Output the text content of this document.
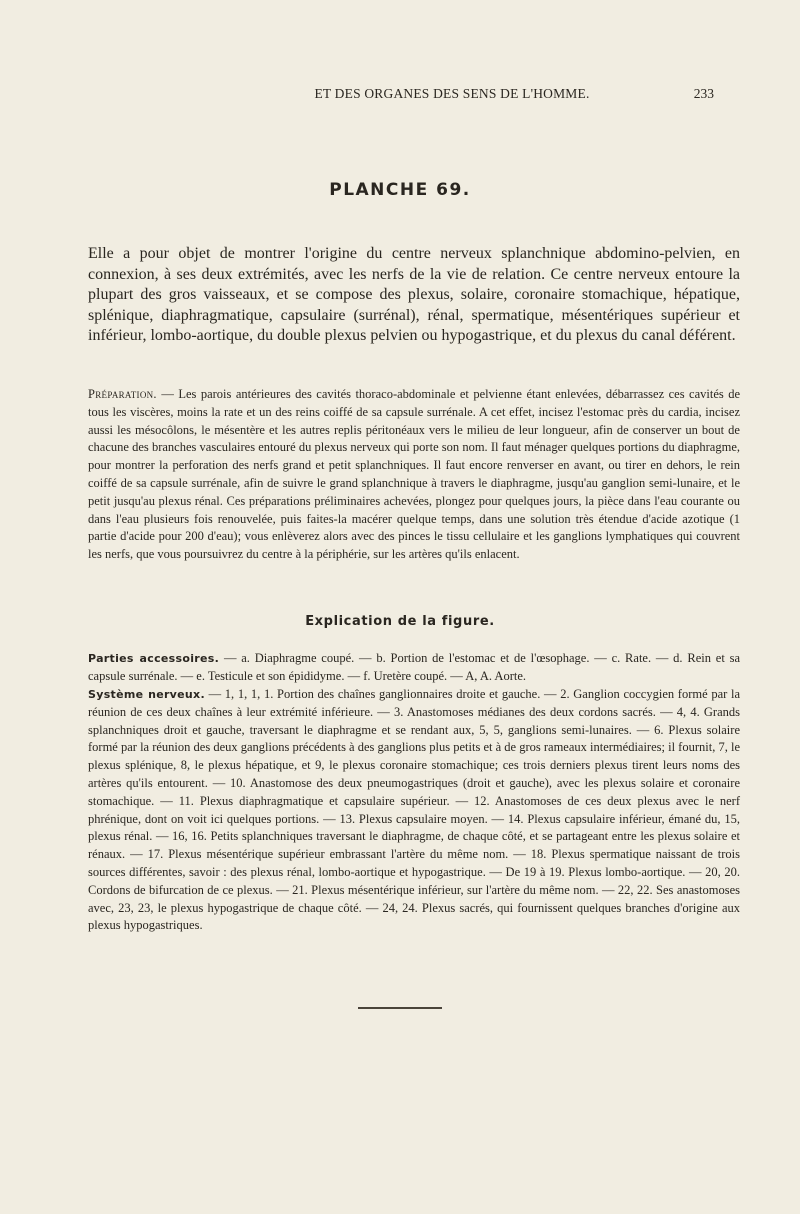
ET DES ORGANES DES SENS DE L'HOMME.	233
PLANCHE 69.

Elle a pour objet de montrer l'origine du centre nerveux splanchnique abdomino-pelvien, en connexion, à ses deux extrémités, avec les nerfs de la vie de relation. Ce centre nerveux entoure la plupart des gros vaisseaux, et se compose des plexus, solaire, coronaire stomachique, hépatique, splénique, diaphragmatique, capsulaire (surrénal), rénal, spermatique, mésentériques supérieur et inférieur, lombo-aortique, du double plexus pelvien ou hypogastrique, et du plexus du canal déférent.

Préparation. — Les parois antérieures des cavités thoraco-abdominale et pelvienne étant enlevées, débarrassez ces cavités de tous les viscères, moins la rate et un des reins coiffé de sa capsule surrénale. A cet effet, incisez l'estomac près du cardia, incisez aussi les mésocôlons, le mésentère et les autres replis péritonéaux vers le milieu de leur longueur, afin de conserver un bout de chacune des branches vasculaires entouré du plexus nerveux qui porte son nom. Il faut ménager quelques portions du diaphragme, pour montrer la perforation des nerfs grand et petit splanchniques. Il faut encore renverser en avant, ou tirer en dehors, le rein coiffé de sa capsule surrénale, afin de suivre le grand splanchnique à travers le diaphragme, jusqu'au ganglion semi-lunaire, et le petit jusqu'au plexus rénal. Ces préparations préliminaires achevées, plongez pour quelques jours, la pièce dans l'eau courante ou dans l'eau plusieurs fois renouvelée, puis faites-la macérer quelque temps, dans une solution très étendue d'acide azotique (1 partie d'acide pour 200 d'eau); vous enlèverez alors avec des pinces le tissu cellulaire et les ganglions lymphatiques qui couvrent les nerfs, que vous poursuivrez du centre à la périphérie, sur les artères qu'ils enlacent.

Explication de la figure.

Parties accessoires. — a. Diaphragme coupé. — b. Portion de l'estomac et de l'œsophage. — c. Rate. — d. Rein et sa capsule surrénale. — e. Testicule et son épididyme. — f. Uretère coupé. — A, A. Aorte.

Système nerveux. — 1, 1, 1, 1. Portion des chaînes ganglionnaires droite et gauche. — 2. Ganglion coccygien formé par la réunion de ces deux chaînes à leur extrémité inférieure. — 3. Anastomoses médianes des deux cordons sacrés. — 4, 4. Grands splanchniques droit et gauche, traversant le diaphragme et se rendant aux, 5, 5, ganglions semi-lunaires. — 6. Plexus solaire formé par la réunion des deux ganglions précédents à des ganglions plus petits et à de gros rameaux intermédiaires; il fournit, 7, le plexus splénique, 8, le plexus hépatique, et 9, le plexus coronaire stomachique; ces trois derniers plexus tirent leurs noms des artères qu'ils entourent. — 10. Anastomose des deux pneumogastriques (droit et gauche), avec les plexus solaire et coronaire stomachique. — 11. Plexus diaphragmatique et capsulaire supérieur. — 12. Anastomoses de ces deux plexus avec le nerf phrénique, dont on voit ici quelques portions. — 13. Plexus capsulaire moyen. — 14. Plexus capsulaire inférieur, émané du, 15, plexus rénal. — 16, 16. Petits splanchniques traversant le diaphragme, de chaque côté, et se partageant entre les plexus solaire et rénaux. — 17. Plexus mésentérique supérieur embrassant l'artère du même nom. — 18. Plexus spermatique naissant de trois sources différentes, savoir : des plexus rénal, lombo-aortique et hypogastrique. — De 19 à 19. Plexus lombo-aortique. — 20, 20. Cordons de bifurcation de ce plexus. — 21. Plexus mésentérique inférieur, sur l'artère du même nom. — 22, 22. Ses anastomoses avec, 23, 23, le plexus hypogastrique de chaque côté. — 24, 24. Plexus sacrés, qui fournissent quelques branches d'origine aux plexus hypogastriques.
